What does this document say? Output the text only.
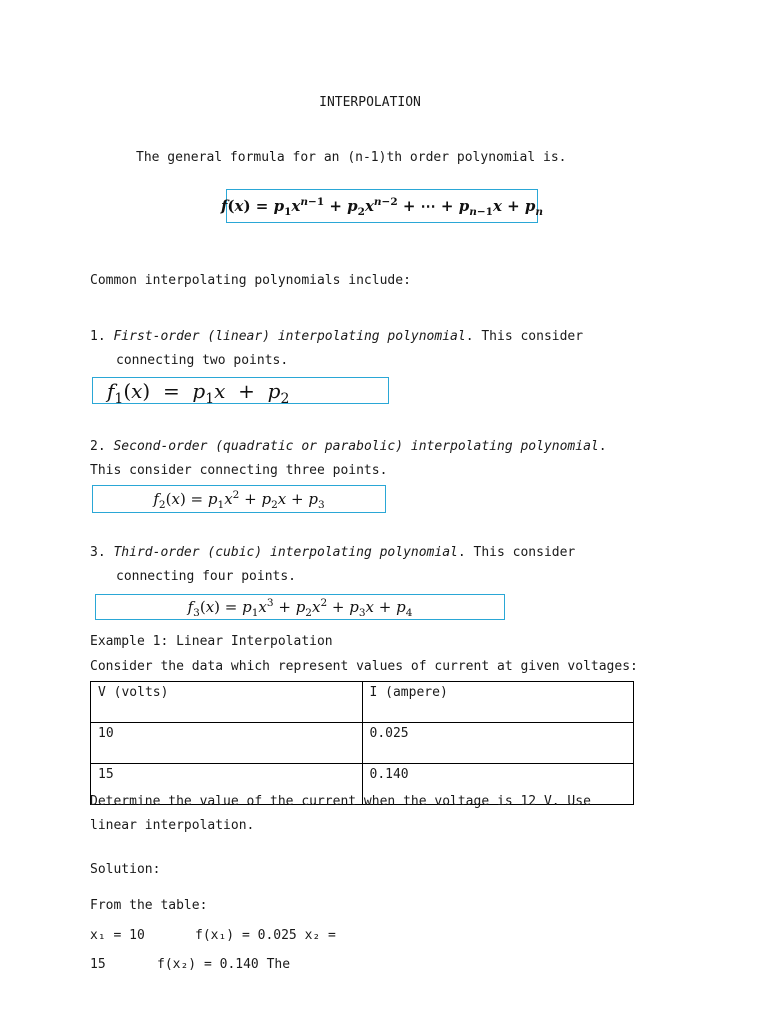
INTERPOLATION
The general formula for an (n-1)th order polynomial is.
$f(x) = p_1x^{n-1} + p_2x^{n-2}$ + ⋯ + $p_{n-1}x + p_n$
Common interpolating polynomials include:
1. First-order (linear) interpolating polynomial. This consider
connecting two points.
$f_1(x) = p_1x + p_2$
2. Second-order (quadratic or parabolic) interpolating polynomial.
This consider connecting three points.
$f_2(x) = p_1x^2 + p_2x + p_3$
3. Third-order (cubic) interpolating polynomial. This consider
connecting four points.
$f_3(x) = p_1x^3 + p_2x^2 + p_3x + p_4$
Example 1: Linear Interpolation
Consider the data which represent values of current at given voltages:
V (volts)	I (ampere)
10	0.025
15	0.140
Determine the value of the current when the voltage is 12 V. Use
linear interpolation.
Solution:
From the table:
x₁ = 10	f(x₁) = 0.025 x₂ =
15	f(x₂) = 0.140 The
